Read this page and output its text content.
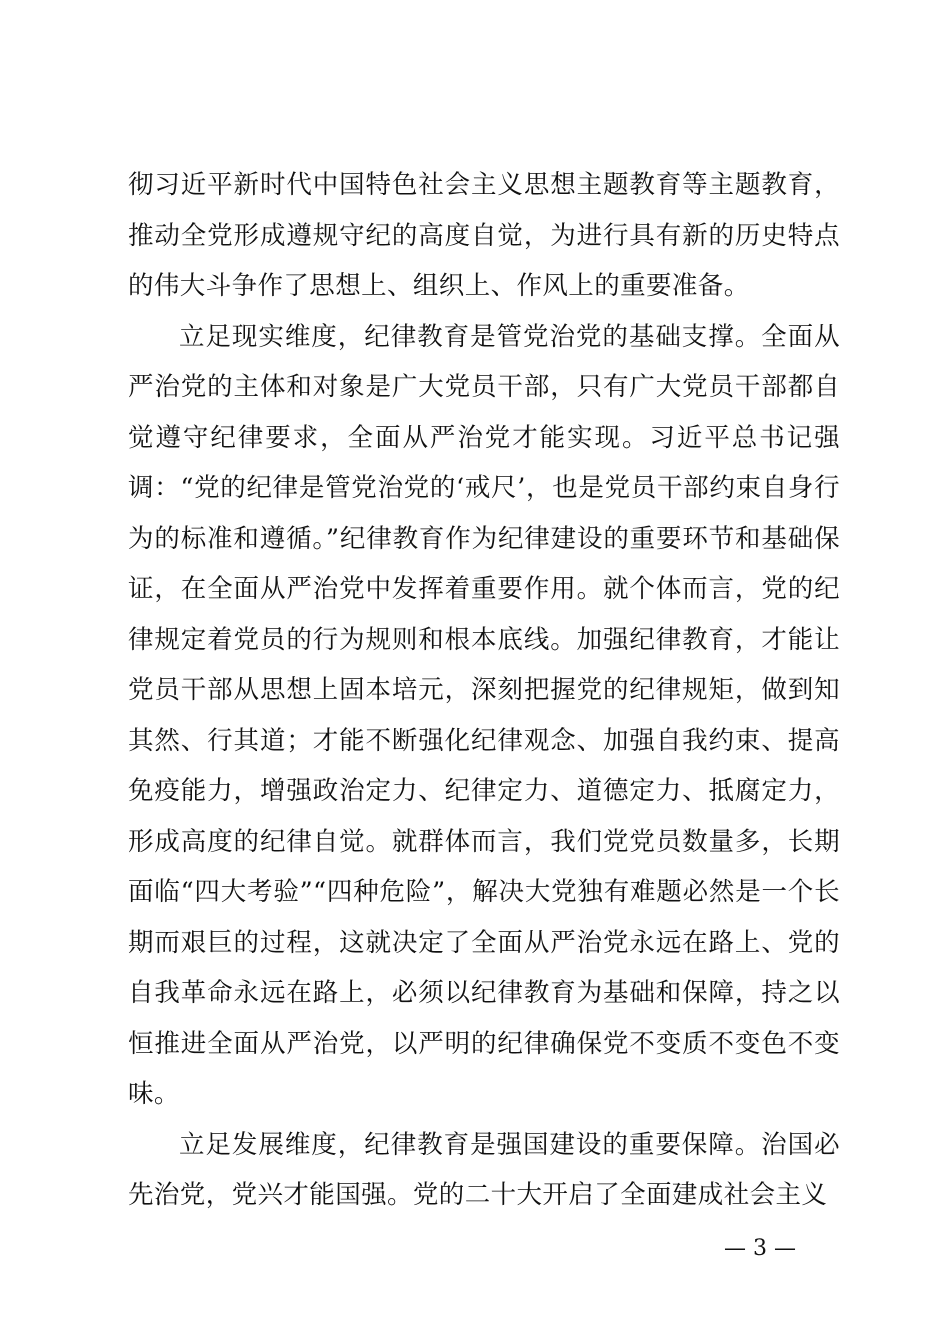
彻习近平新时代中国特色社会主义思想主题教育等主题教育，推动全党形成遵规守纪的高度自觉，为进行具有新的历史特点的伟大斗争作了思想上、组织上、作风上的重要准备。

立足现实维度，纪律教育是管党治党的基础支撑。全面从严治党的主体和对象是广大党员干部，只有广大党员干部都自觉遵守纪律要求，全面从严治党才能实现。习近平总书记强调：“党的纪律是管党治党的‘戒尺’，也是党员干部约束自身行为的标准和遵循。”纪律教育作为纪律建设的重要环节和基础保证，在全面从严治党中发挥着重要作用。就个体而言，党的纪律规定着党员的行为规则和根本底线。加强纪律教育，才能让党员干部从思想上固本培元，深刻把握党的纪律规矩，做到知其然、行其道；才能不断强化纪律观念、加强自我约束、提高免疫能力，增强政治定力、纪律定力、道德定力、抵腐定力，形成高度的纪律自觉。就群体而言，我们党党员数量多，长期面临“四大考验”“四种危险”，解决大党独有难题必然是一个长期而艰巨的过程，这就决定了全面从严治党永远在路上、党的自我革命永远在路上，必须以纪律教育为基础和保障，持之以恒推进全面从严治党，以严明的纪律确保党不变质不变色不变味。

立足发展维度，纪律教育是强国建设的重要保障。治国必先治党，党兴才能国强。党的二十大开启了全面建成社会主义

— 3 —
